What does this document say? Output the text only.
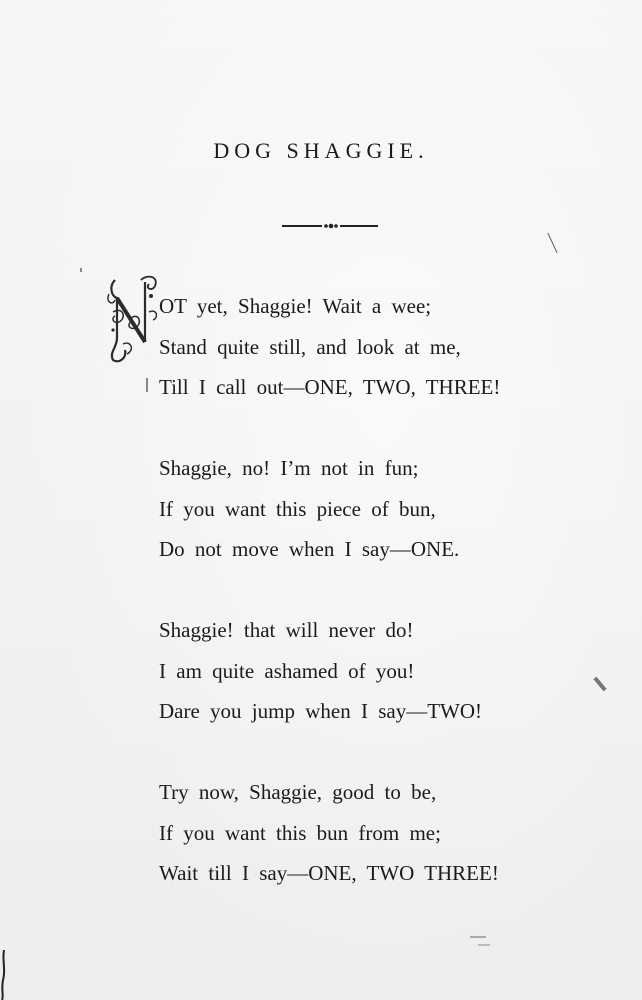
DOG SHAGGIE.
OT yet, Shaggie! Wait a wee;
Stand quite still, and look at me,
Till I call out—ONE, TWO, THREE!
Shaggie, no! I’m not in fun;
If you want this piece of bun,
Do not move when I say—ONE.
Shaggie! that will never do!
I am quite ashamed of you!
Dare you jump when I say—TWO!
Try now, Shaggie, good to be,
If you want this bun from me;
Wait till I say—ONE, TWO THREE!
